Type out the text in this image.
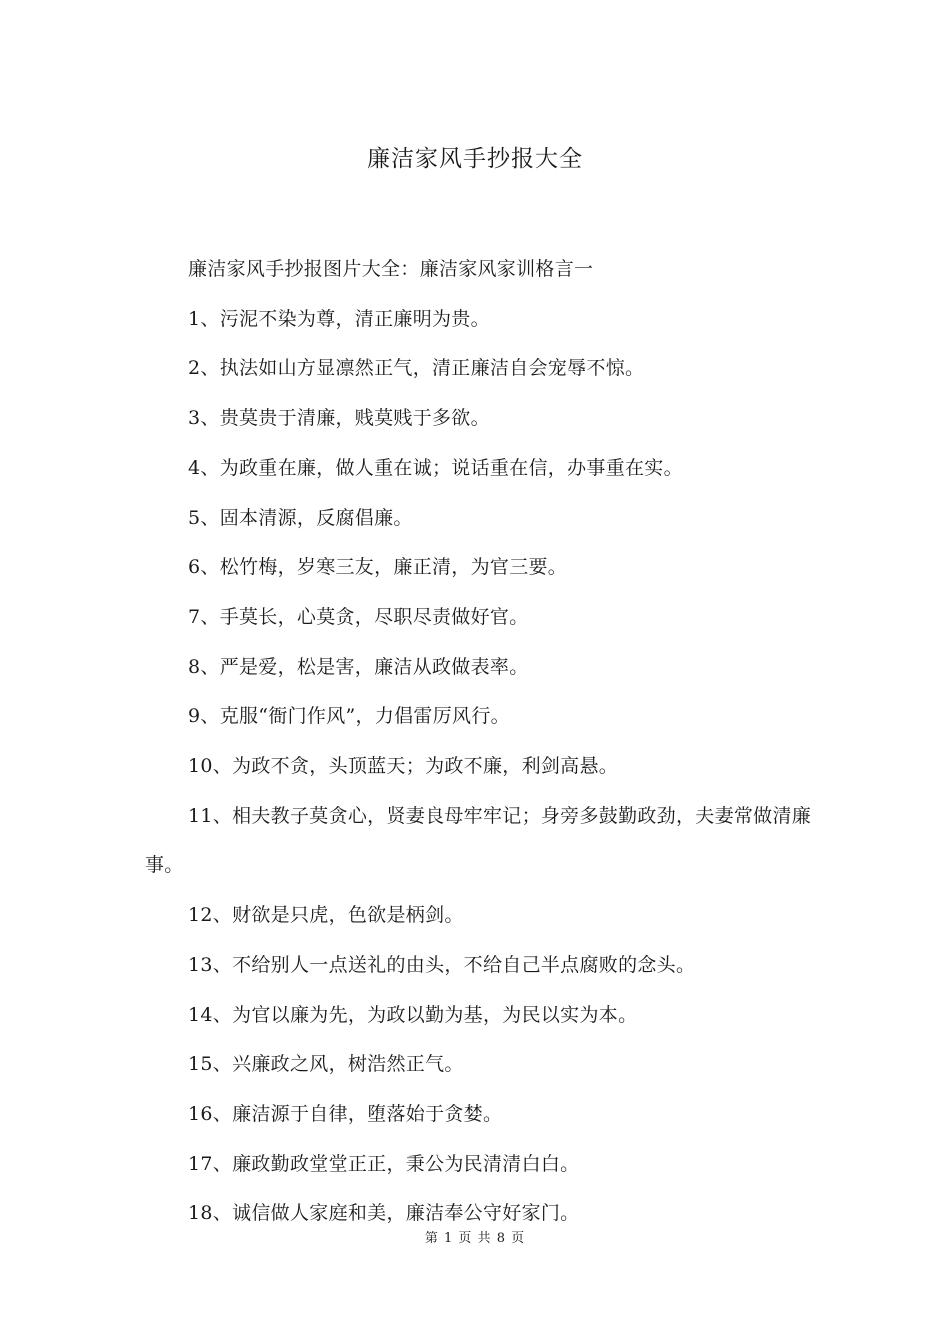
廉洁家风手抄报大全

廉洁家风手抄报图片大全：廉洁家风家训格言一

1、污泥不染为尊，清正廉明为贵。

2、执法如山方显凛然正气，清正廉洁自会宠辱不惊。

3、贵莫贵于清廉，贱莫贱于多欲。

4、为政重在廉，做人重在诚；说话重在信，办事重在实。

5、固本清源，反腐倡廉。

6、松竹梅，岁寒三友，廉正清，为官三要。

7、手莫长，心莫贪，尽职尽责做好官。

8、严是爱，松是害，廉洁从政做表率。

9、克服“衙门作风”，力倡雷厉风行。

10、为政不贪，头顶蓝天；为政不廉，利剑高悬。

11、相夫教子莫贪心，贤妻良母牢牢记；身旁多鼓勤政劲，夫妻常做清廉事。

12、财欲是只虎，色欲是柄剑。

13、不给别人一点送礼的由头，不给自己半点腐败的念头。

14、为官以廉为先，为政以勤为基，为民以实为本。

15、兴廉政之风，树浩然正气。

16、廉洁源于自律，堕落始于贪婪。

17、廉政勤政堂堂正正，秉公为民清清白白。

18、诚信做人家庭和美，廉洁奉公守好家门。

第 1 页 共 8 页
